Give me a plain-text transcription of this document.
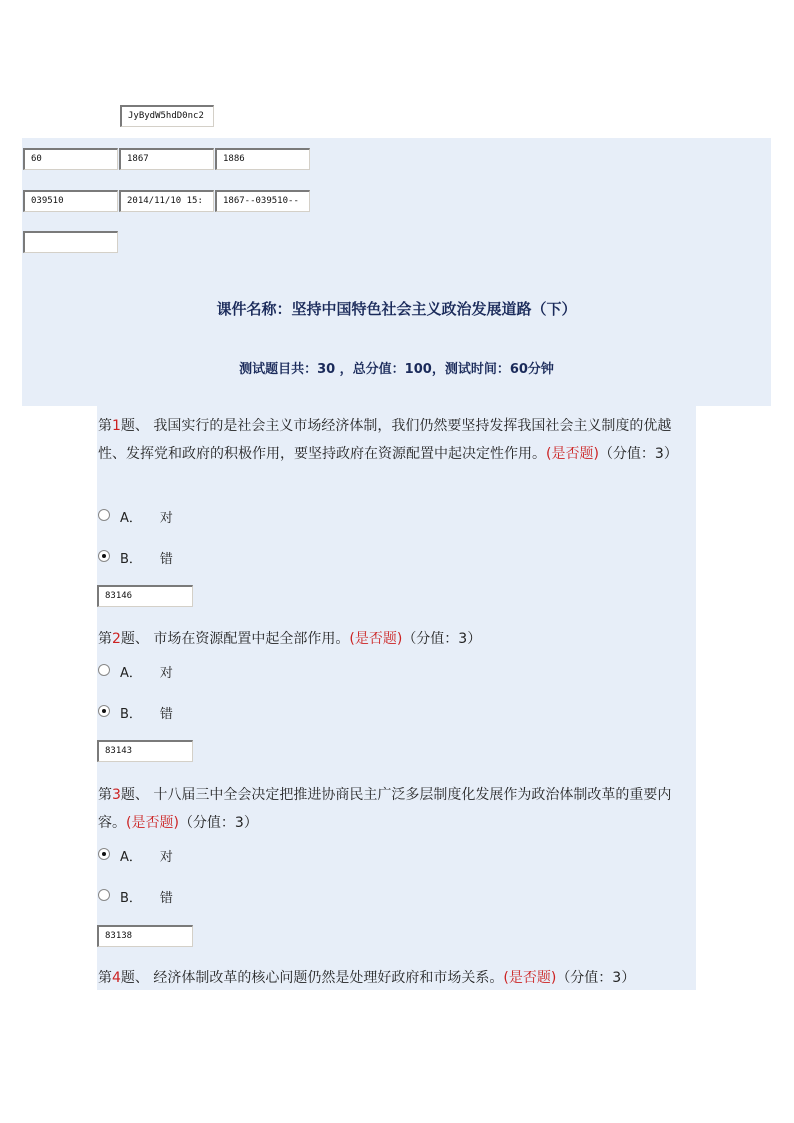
JyBydW5hdD0nc2
60	1867	1886
039510	2014/11/10 15:	1867--039510--
课件名称：坚持中国特色社会主义政治发展道路（下）
测试题目共：30 ，总分值：100，测试时间：60分钟
第1题、 我国实行的是社会主义市场经济体制，我们仍然要坚持发挥我国社会主义制度的优越性、发挥党和政府的积极作用，要坚持政府在资源配置中起决定性作用。(是否题)（分值：3）
A． 对
B． 错
83146
第2题、 市场在资源配置中起全部作用。(是否题)（分值：3）
A． 对
B． 错
83143
第3题、 十八届三中全会决定把推进协商民主广泛多层制度化发展作为政治体制改革的重要内容。(是否题)（分值：3）
A． 对
B． 错
83138
第4题、 经济体制改革的核心问题仍然是处理好政府和市场关系。(是否题)（分值：3）
